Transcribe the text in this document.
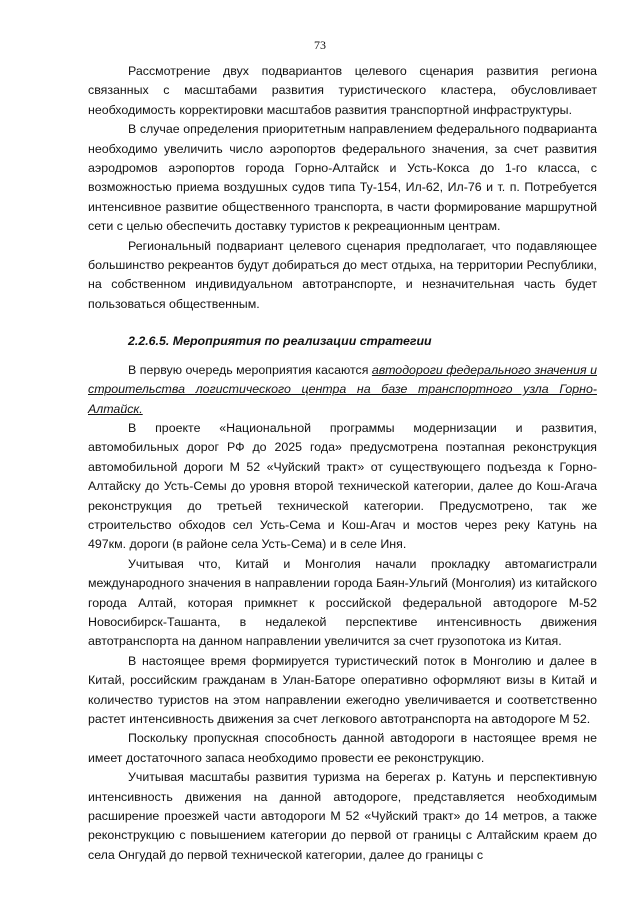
73

Рассмотрение двух подвариантов целевого сценария развития региона связанных с масштабами развития туристического кластера, обусловливает необходимость корректировки масштабов развития транспортной инфраструктуры.

В случае определения приоритетным направлением федерального подварианта необходимо увеличить число аэропортов федерального значения, за счет развития аэродромов аэропортов города Горно-Алтайск и Усть-Кокса до 1-го класса, с возможностью приема воздушных судов типа Ту-154, Ил-62, Ил-76 и т. п. Потребуется интенсивное развитие общественного транспорта, в части формирование маршрутной сети с целью обеспечить доставку туристов к рекреационным центрам.

Региональный подвариант целевого сценария предполагает, что подавляющее большинство рекреантов будут добираться до мест отдыха, на территории Республики, на собственном индивидуальном автотранспорте, и незначительная часть будет пользоваться общественным.

2.2.6.5. Мероприятия по реализации стратегии

В первую очередь мероприятия касаются автодороги федерального значения и строительства логистического центра на базе транспортного узла Горно-Алтайск.

В проекте «Национальной программы модернизации и развития, автомобильных дорог РФ до 2025 года» предусмотрена поэтапная реконструкция автомобильной дороги М 52 «Чуйский тракт» от существующего подъезда к Горно-Алтайску до Усть-Семы до уровня второй технической категории, далее до Кош-Агача реконструкция до третьей технической категории. Предусмотрено, так же строительство обходов сел Усть-Сема и Кош-Агач и мостов через реку Катунь на 497км. дороги (в районе села Усть-Сема) и в селе Иня.

Учитывая что, Китай и Монголия начали прокладку автомагистрали международного значения в направлении города Баян-Ульгий (Монголия) из китайского города Алтай, которая примкнет к российской федеральной автодороге М-52 Новосибирск-Ташанта, в недалекой перспективе интенсивность движения автотранспорта на данном направлении увеличится за счет грузопотока из Китая.

В настоящее время формируется туристический поток в Монголию и далее в Китай, российским гражданам в Улан-Баторе оперативно оформляют визы в Китай и количество туристов на этом направлении ежегодно увеличивается и соответственно растет интенсивность движения за счет легкового автотранспорта на автодороге М 52.

Поскольку пропускная способность данной автодороги в настоящее время не имеет достаточного запаса необходимо провести ее реконструкцию.

Учитывая масштабы развития туризма на берегах р. Катунь и перспективную интенсивность движения на данной автодороге, представляется необходимым расширение проезжей части автодороги М 52 «Чуйский тракт» до 14 метров, а также реконструкцию с повышением категории до первой от границы с Алтайским краем до села Онгудай до первой технической категории, далее до границы с
